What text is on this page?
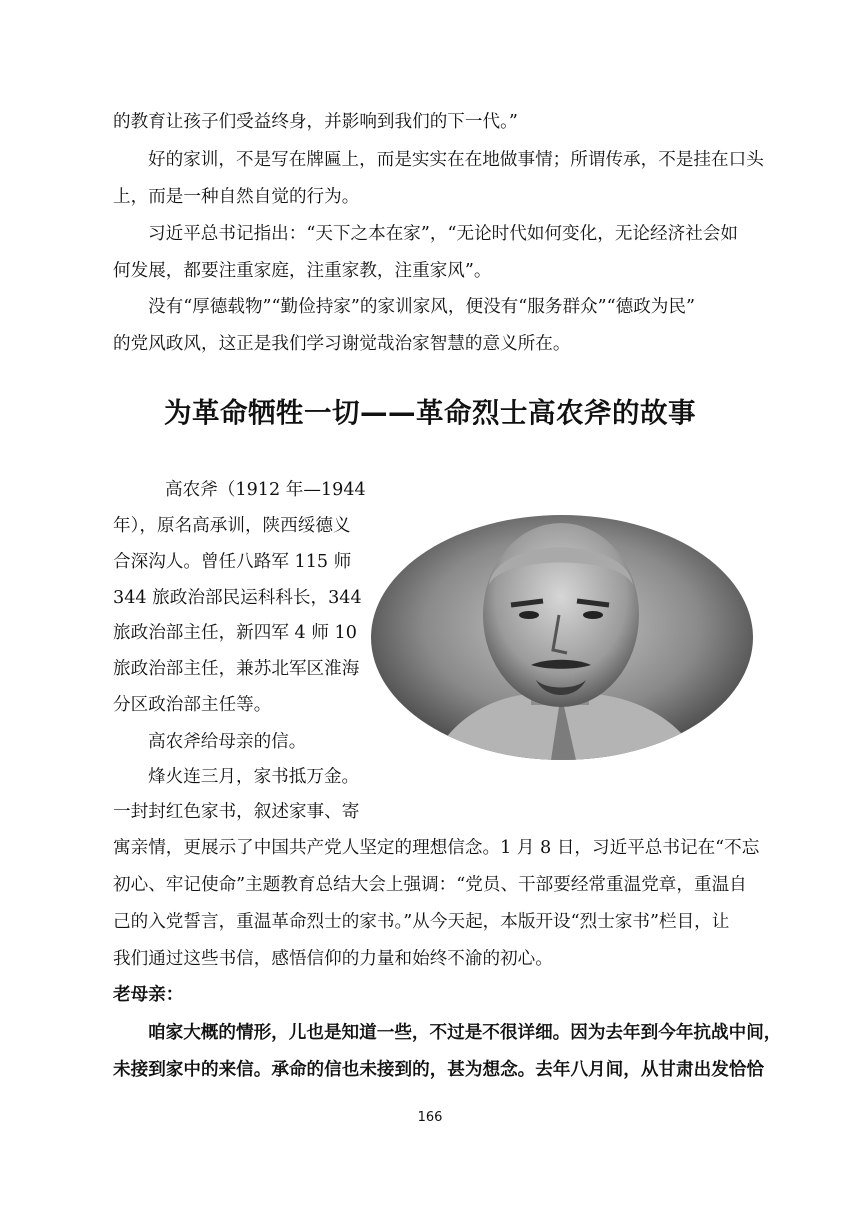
的教育让孩子们受益终身，并影响到我们的下一代。”
好的家训，不是写在牌匾上，而是实实在在地做事情；所谓传承，不是挂在口头
上，而是一种自然自觉的行为。
习近平总书记指出：“天下之本在家”，“无论时代如何变化，无论经济社会如
何发展，都要注重家庭，注重家教，注重家风”。
没有“厚德载物”“勤俭持家”的家训家风，便没有“服务群众”“德政为民”
的党风政风，这正是我们学习谢觉哉治家智慧的意义所在。
为革命牺牲一切——革命烈士高农斧的故事
高农斧（1912 年—1944
年），原名高承训，陕西绥德义
合深沟人。曾任八路军 115 师
344 旅政治部民运科科长，344
旅政治部主任，新四军 4 师 10
旅政治部主任，兼苏北军区淮海
分区政治部主任等。
高农斧给母亲的信。
烽火连三月，家书抵万金。
一封封红色家书，叙述家事、寄
寓亲情，更展示了中国共产党人坚定的理想信念。1 月 8 日，习近平总书记在“不忘
初心、牢记使命”主题教育总结大会上强调：“党员、干部要经常重温党章，重温自
己的入党誓言，重温革命烈士的家书。”从今天起，本版开设“烈士家书”栏目，让
我们通过这些书信，感悟信仰的力量和始终不渝的初心。
老母亲：
咱家大概的情形，儿也是知道一些，不过是不很详细。因为去年到今年抗战中间，
未接到家中的来信。承命的信也未接到的，甚为想念。去年八月间，从甘肃出发恰恰
166
